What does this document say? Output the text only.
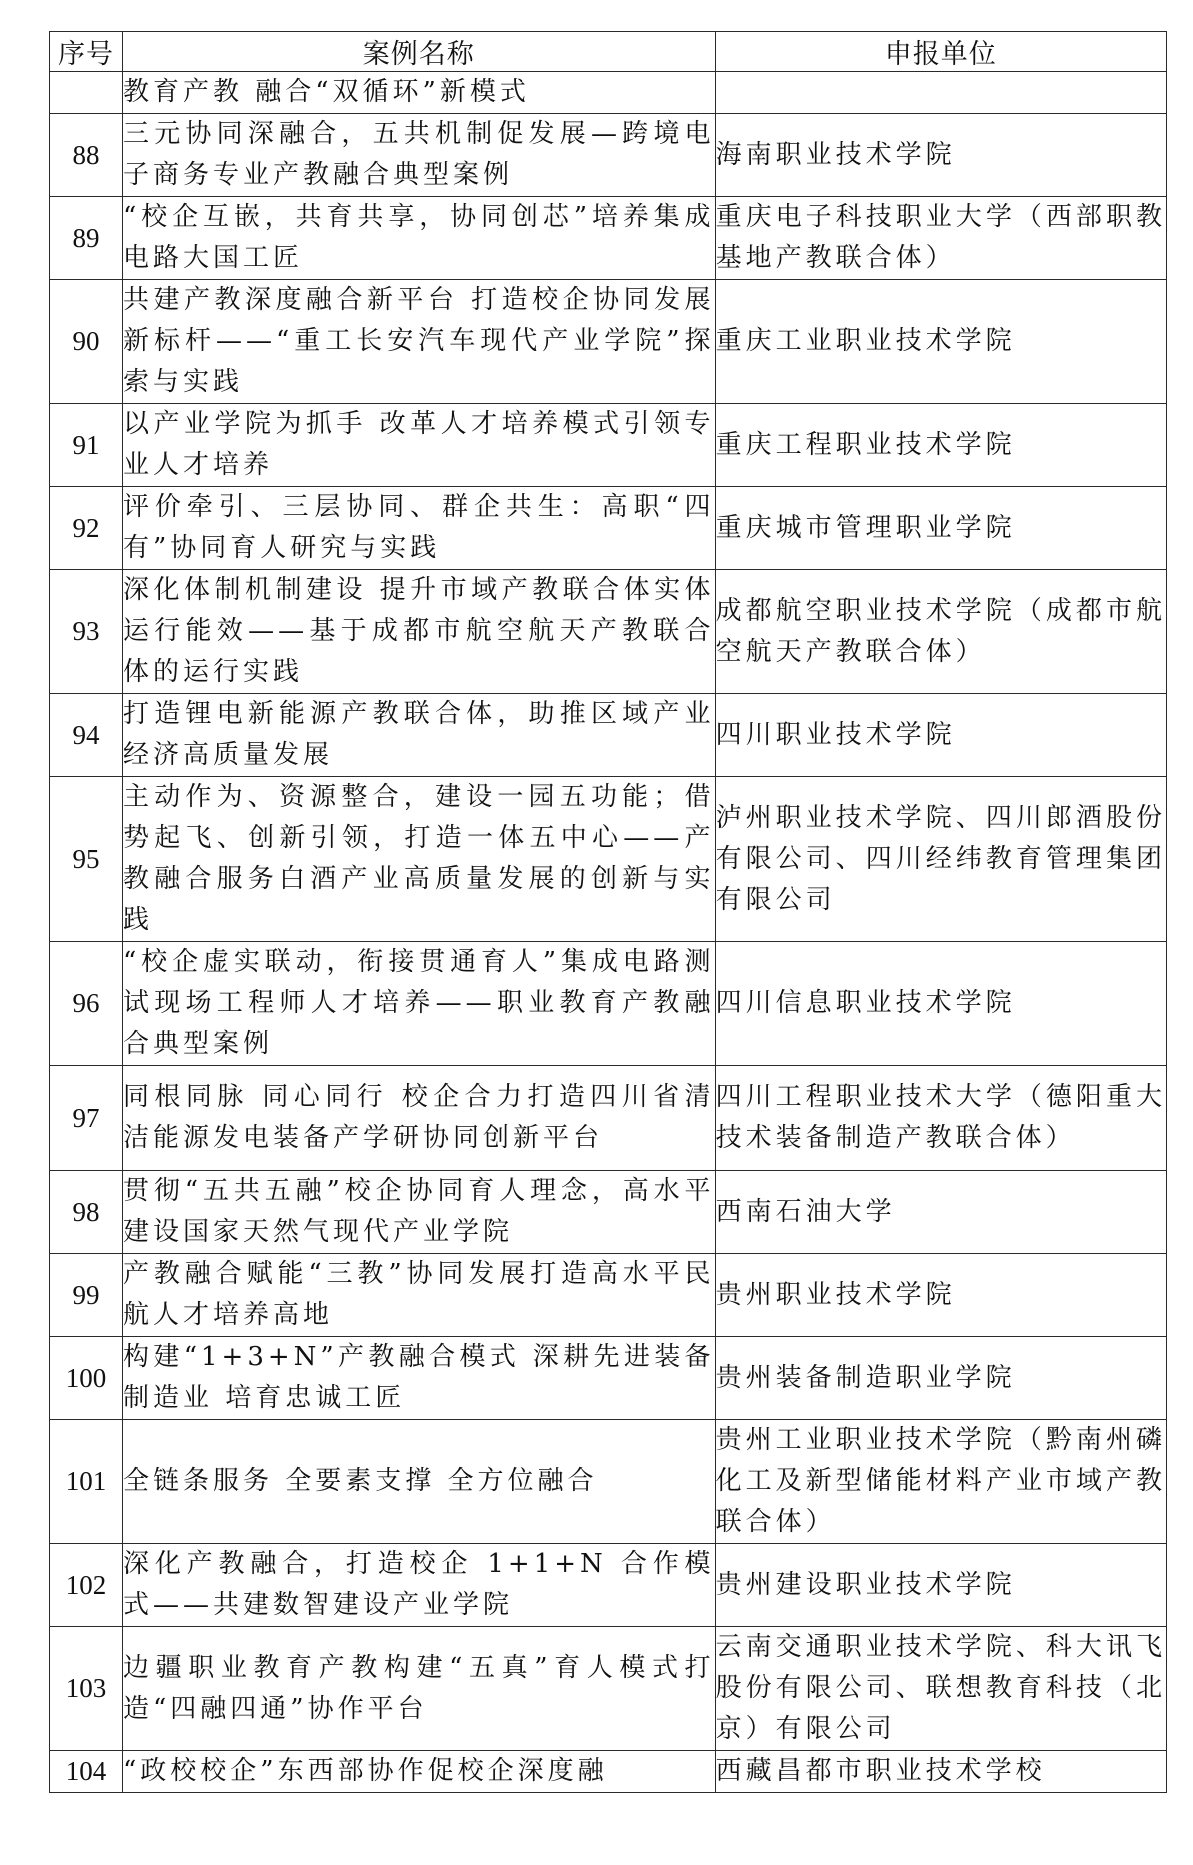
序号	案例名称	申报单位
	教育产教 融合“双循环”新模式	
88	三元协同深融合，五共机制促发展—跨境电子商务专业产教融合典型案例	海南职业技术学院
89	“校企互嵌，共育共享，协同创芯”培养集成电路大国工匠	重庆电子科技职业大学（西部职教基地产教联合体）
90	共建产教深度融合新平台 打造校企协同发展新标杆——“重工长安汽车现代产业学院”探索与实践	重庆工业职业技术学院
91	以产业学院为抓手 改革人才培养模式引领专业人才培养	重庆工程职业技术学院
92	评价牵引、三层协同、群企共生：高职“四有”协同育人研究与实践	重庆城市管理职业学院
93	深化体制机制建设 提升市域产教联合体实体运行能效——基于成都市航空航天产教联合体的运行实践	成都航空职业技术学院（成都市航空航天产教联合体）
94	打造锂电新能源产教联合体，助推区域产业经济高质量发展	四川职业技术学院
95	主动作为、资源整合，建设一园五功能；借势起飞、创新引领，打造一体五中心——产教融合服务白酒产业高质量发展的创新与实践	泸州职业技术学院、四川郎酒股份有限公司、四川经纬教育管理集团有限公司
96	“校企虚实联动，衔接贯通育人”集成电路测试现场工程师人才培养——职业教育产教融合典型案例	四川信息职业技术学院
97	同根同脉 同心同行 校企合力打造四川省清洁能源发电装备产学研协同创新平台	四川工程职业技术大学（德阳重大技术装备制造产教联合体）
98	贯彻“五共五融”校企协同育人理念，高水平建设国家天然气现代产业学院	西南石油大学
99	产教融合赋能“三教”协同发展打造高水平民航人才培养高地	贵州职业技术学院
100	构建“1+3+N”产教融合模式 深耕先进装备制造业 培育忠诚工匠	贵州装备制造职业学院
101	全链条服务 全要素支撑 全方位融合	贵州工业职业技术学院（黔南州磷化工及新型储能材料产业市域产教联合体）
102	深化产教融合，打造校企 1+1+N 合作模式——共建数智建设产业学院	贵州建设职业技术学院
103	边疆职业教育产教构建“五真”育人模式打造“四融四通”协作平台	云南交通职业技术学院、科大讯飞股份有限公司、联想教育科技（北京）有限公司
104	“政校校企”东西部协作促校企深度融	西藏昌都市职业技术学校
